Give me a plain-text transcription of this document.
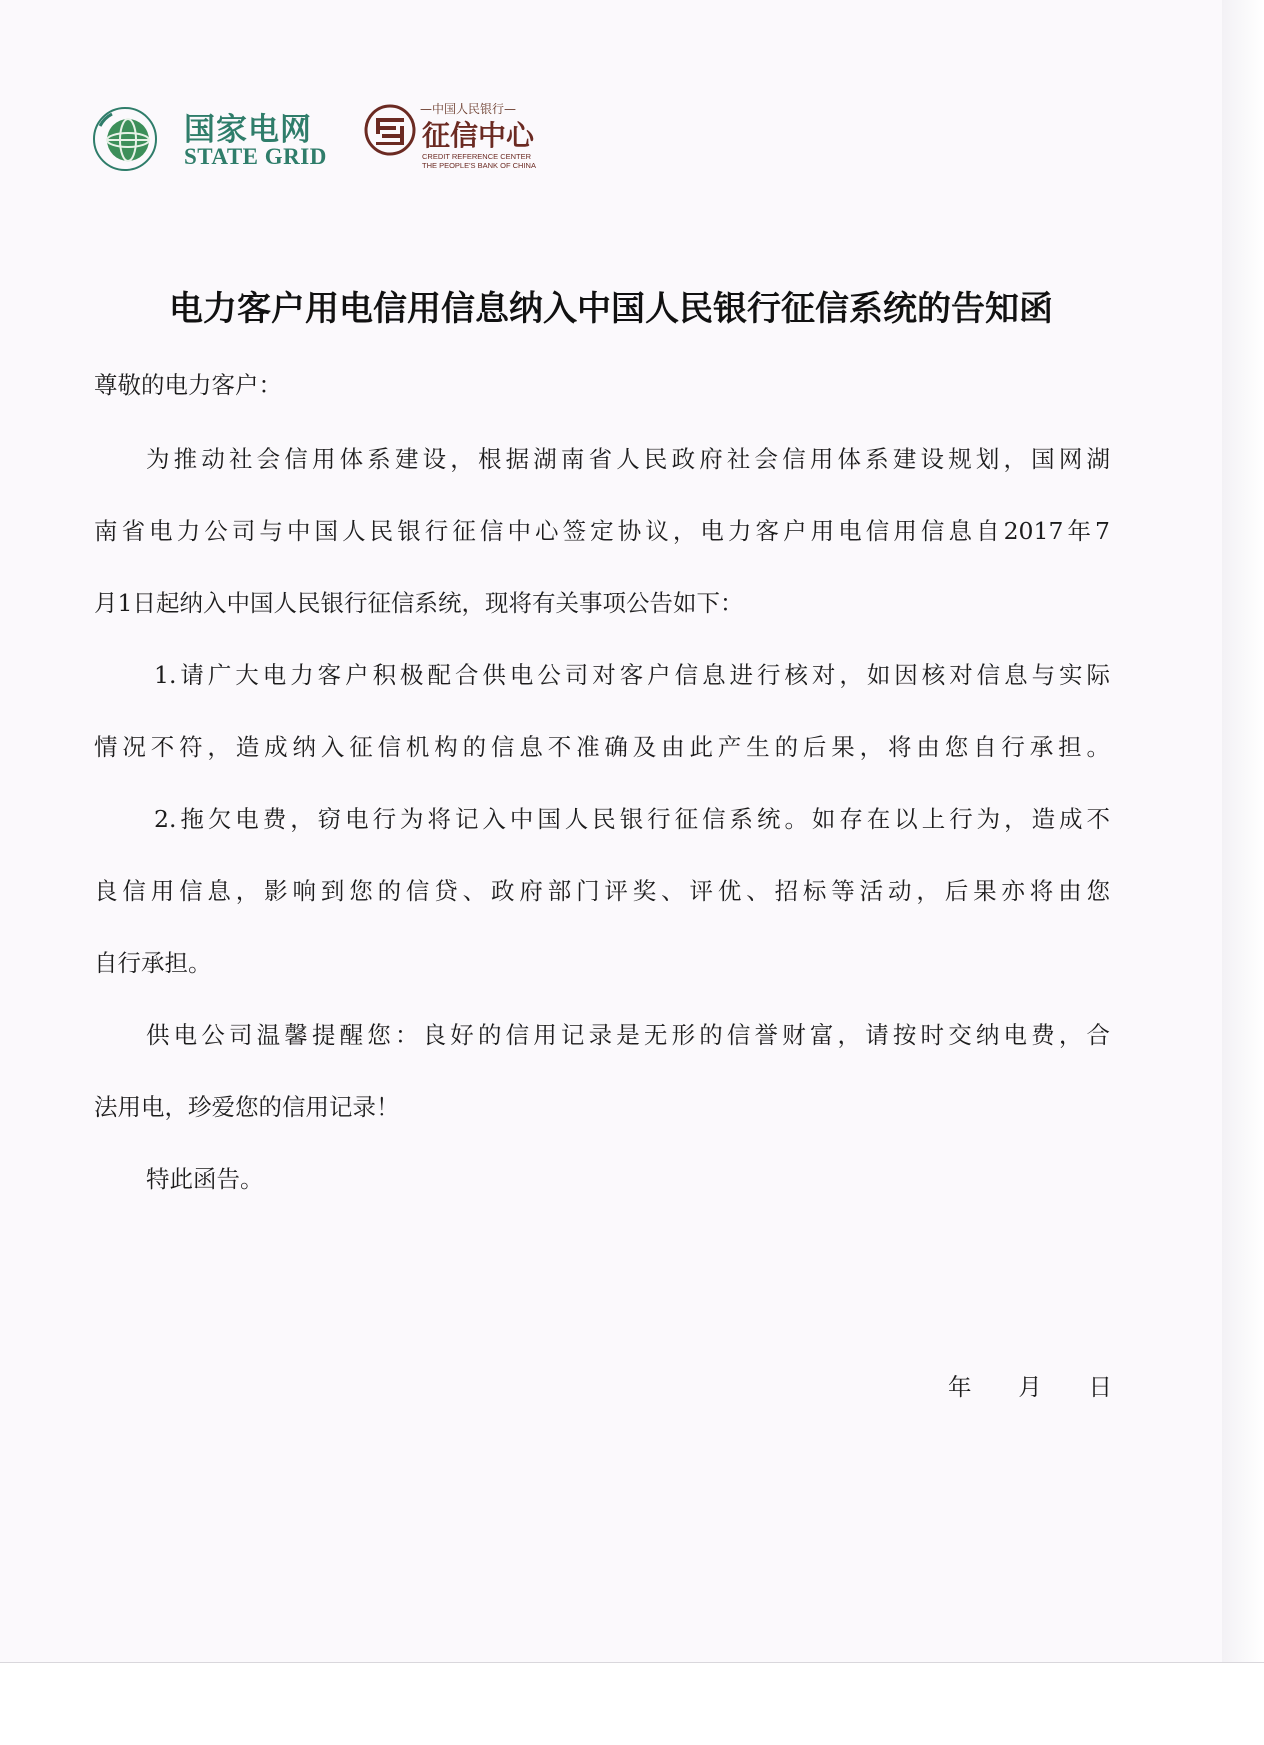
国家电网
STATE GRID
—中国人民银行—
征信中心
CREDIT REFERENCE CENTER
THE PEOPLE'S BANK OF CHINA
电力客户用电信用信息纳入中国人民银行征信系统的告知函
尊敬的电力客户：
为推动社会信用体系建设，根据湖南省人民政府社会信用体系建设规划，国网湖
南省电力公司与中国人民银行征信中心签定协议，电力客户用电信用信息自2017年7
月1日起纳入中国人民银行征信系统，现将有关事项公告如下：
1.请广大电力客户积极配合供电公司对客户信息进行核对，如因核对信息与实际
情况不符，造成纳入征信机构的信息不准确及由此产生的后果，将由您自行承担。
2.拖欠电费，窃电行为将记入中国人民银行征信系统。如存在以上行为，造成不
良信用信息，影响到您的信贷、政府部门评奖、评优、招标等活动，后果亦将由您
自行承担。
供电公司温馨提醒您：良好的信用记录是无形的信誉财富，请按时交纳电费，合
法用电，珍爱您的信用记录！
特此函告。
年 月 日
